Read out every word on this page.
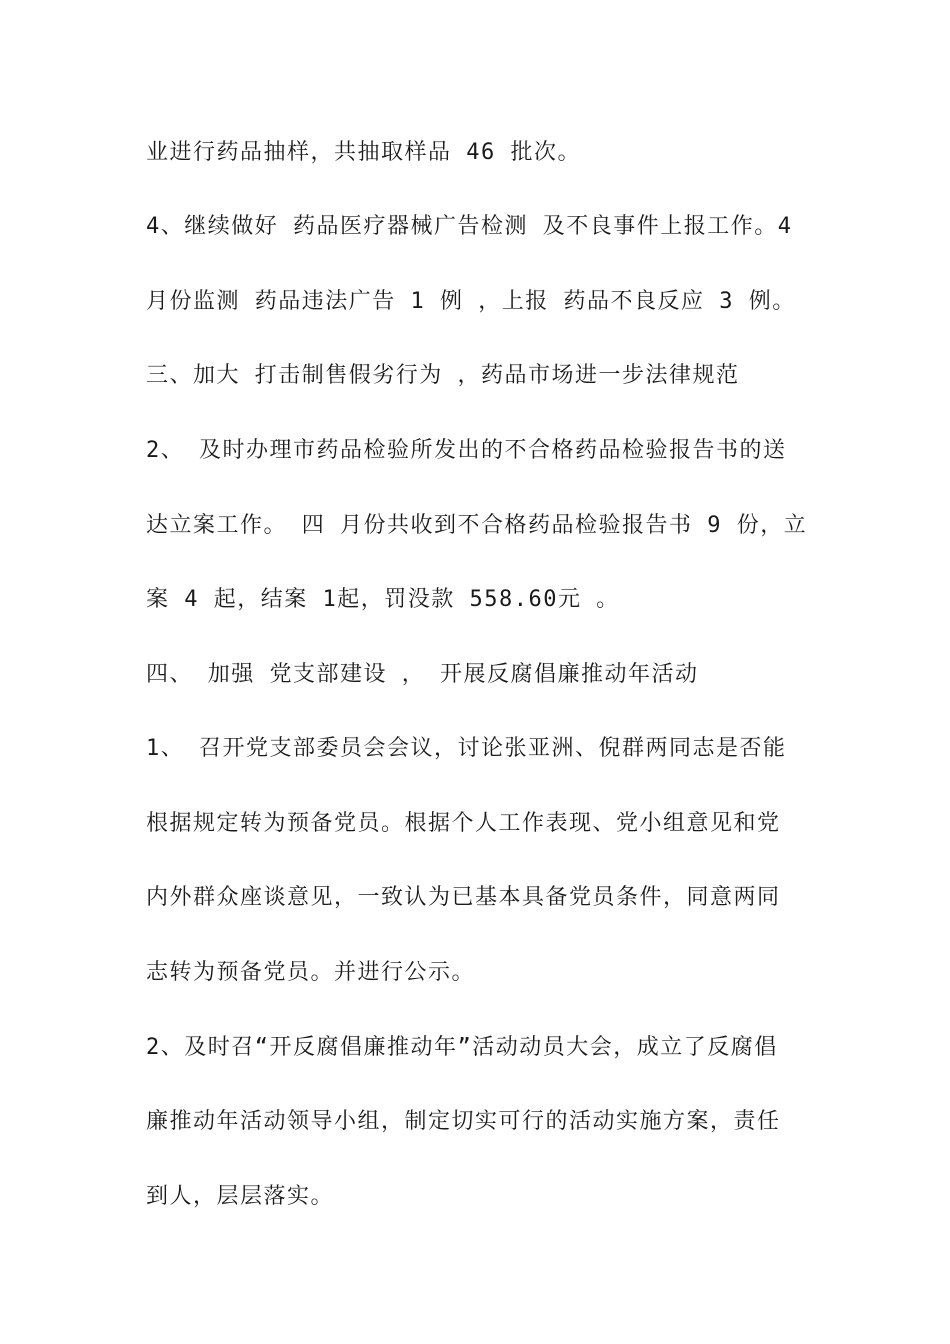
业进行药品抽样，共抽取样品 46 批次。

4、继续做好 药品医疗器械广告检测 及不良事件上报工作。4

月份监测 药品违法广告 1 例 ，上报 药品不良反应 3 例。

三、加大 打击制售假劣行为 ，药品市场进一步法律规范

2、 及时办理市药品检验所发出的不合格药品检验报告书的送

达立案工作。 四 月份共收到不合格药品检验报告书 9 份，立

案 4 起，结案 1起，罚没款 558.60元 。

四、 加强 党支部建设 ， 开展反腐倡廉推动年活动

1、 召开党支部委员会会议，讨论张亚洲、倪群两同志是否能

根据规定转为预备党员。根据个人工作表现、党小组意见和党

内外群众座谈意见，一致认为已基本具备党员条件，同意两同

志转为预备党员。并进行公示。

2、及时召“开反腐倡廉推动年”活动动员大会，成立了反腐倡

廉推动年活动领导小组，制定切实可行的活动实施方案，责任

到人，层层落实。
